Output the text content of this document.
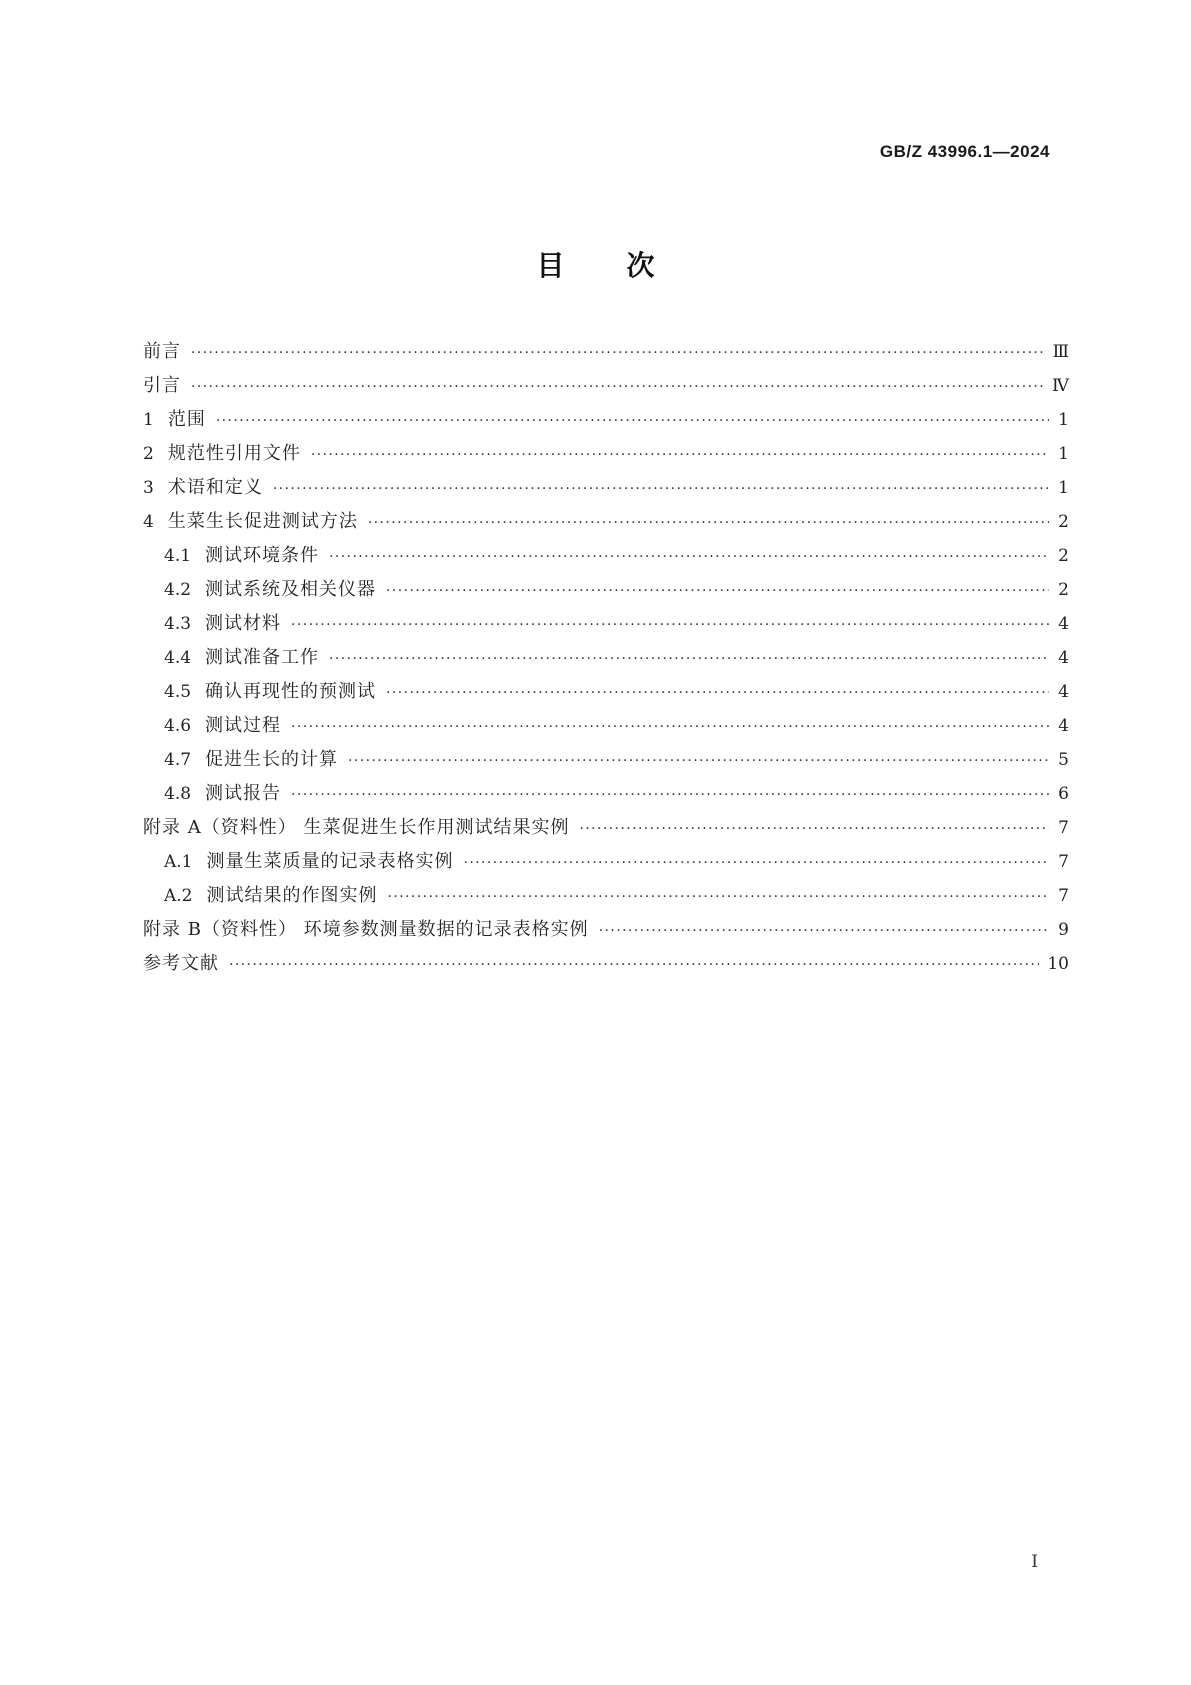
GB/Z 43996.1—2024
目次
前言 ·····	Ⅲ
引言 ·····	Ⅳ
1 范围 ·····	1
2 规范性引用文件 ·····	1
3 术语和定义 ·····	1
4 生菜生长促进测试方法 ·····	2
4.1 测试环境条件 ·····	2
4.2 测试系统及相关仪器 ·····	2
4.3 测试材料 ·····	4
4.4 测试准备工作 ·····	4
4.5 确认再现性的预测试 ·····	4
4.6 测试过程 ·····	4
4.7 促进生长的计算 ·····	5
4.8 测试报告 ·····	6
附录 A（资料性） 生菜促进生长作用测试结果实例 ·····	7
A.1 测量生菜质量的记录表格实例 ·····	7
A.2 测试结果的作图实例 ·····	7
附录 B（资料性） 环境参数测量数据的记录表格实例 ·····	9
参考文献 ·····	10
I
